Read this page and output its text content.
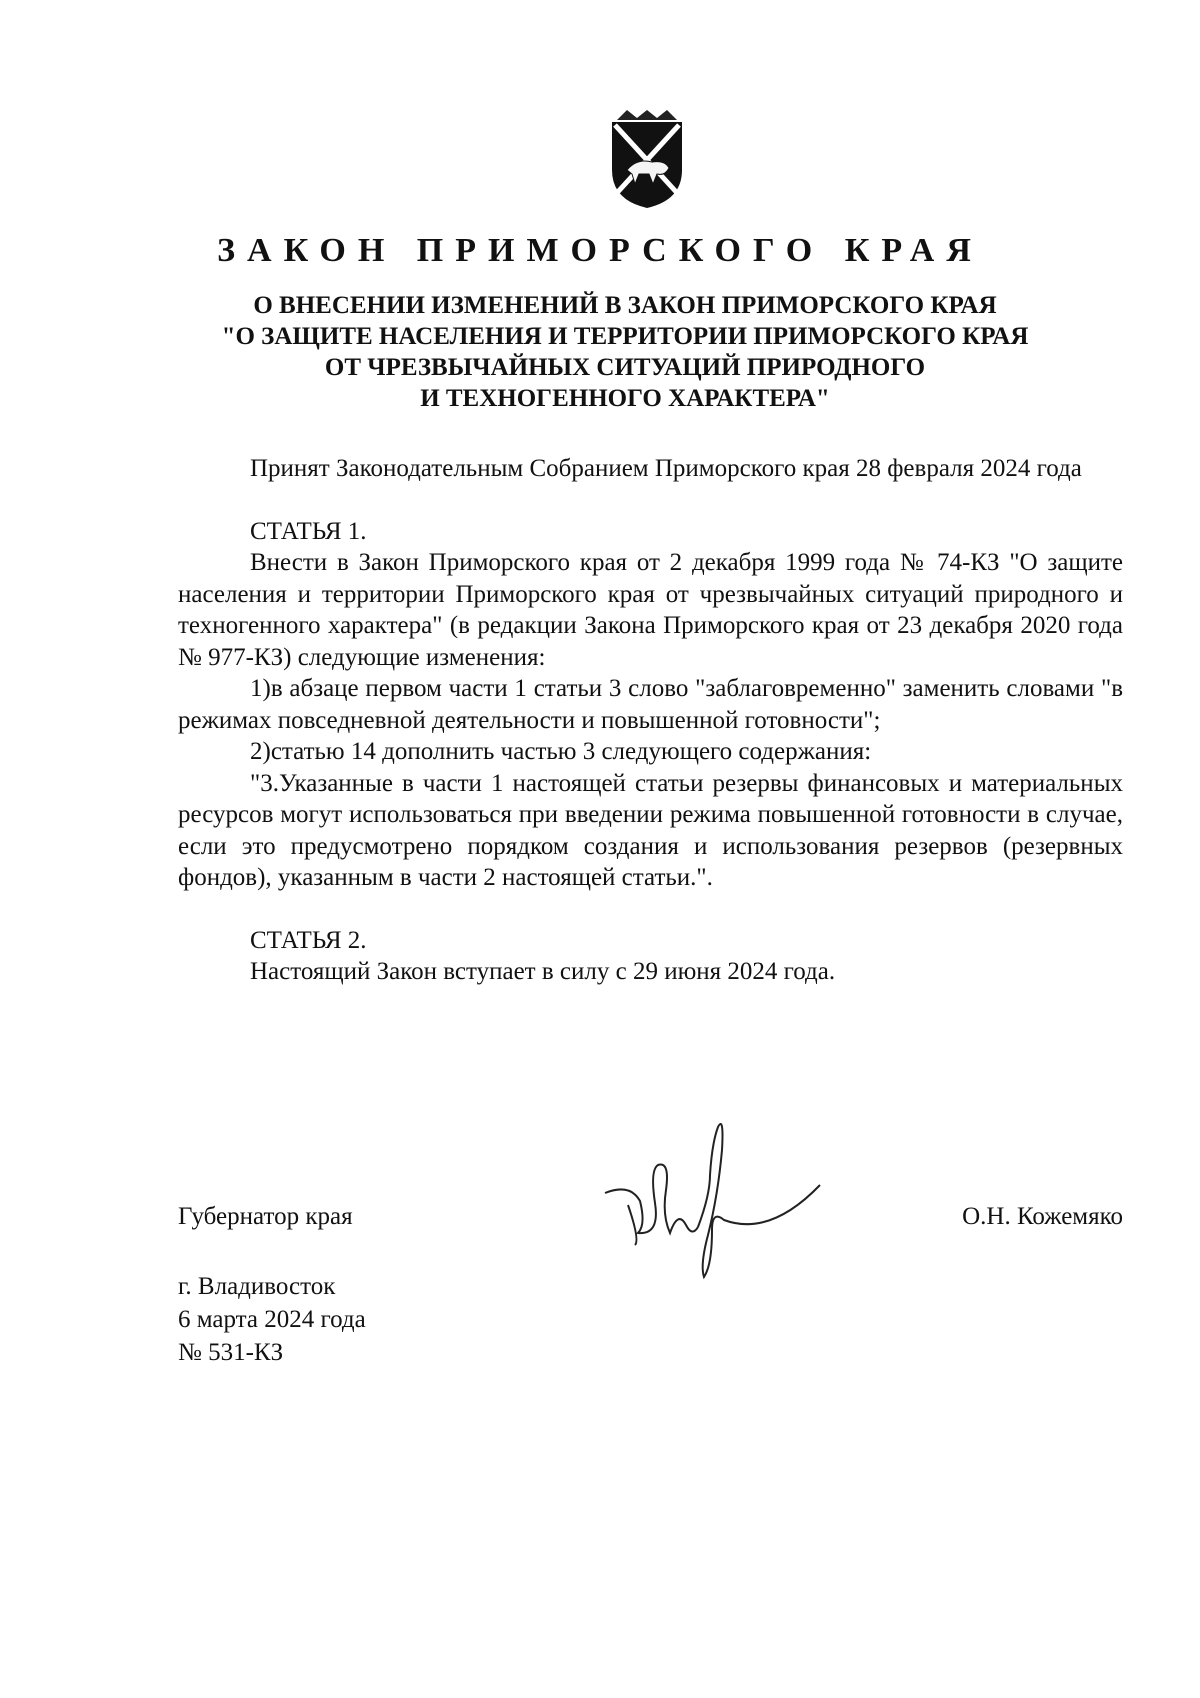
ЗАКОН ПРИМОРСКОГО КРАЯ
О ВНЕСЕНИИ ИЗМЕНЕНИЙ В ЗАКОН ПРИМОРСКОГО КРАЯ
"О ЗАЩИТЕ НАСЕЛЕНИЯ И ТЕРРИТОРИИ ПРИМОРСКОГО КРАЯ
ОТ ЧРЕЗВЫЧАЙНЫХ СИТУАЦИЙ ПРИРОДНОГО
И ТЕХНОГЕННОГО ХАРАКТЕРА"

Принят Законодательным Собранием Приморского края 28 февраля 2024 года

СТАТЬЯ 1.

Внести в Закон Приморского края от 2 декабря 1999 года № 74-КЗ "О защите населения и территории Приморского края от чрезвычайных ситуаций природного и техногенного характера" (в редакции Закона Приморского края от 23 декабря 2020 года № 977-КЗ) следующие изменения:

1)в абзаце первом части 1 статьи 3 слово "заблаговременно" заменить словами "в режимах повседневной деятельности и повышенной готовности";

2)статью 14 дополнить частью 3 следующего содержания:

"3.Указанные в части 1 настоящей статьи резервы финансовых и материальных ресурсов могут использоваться при введении режима повышенной готовности в случае, если это предусмотрено порядком создания и использования резервов (резервных фондов), указанным в части 2 настоящей статьи.".

СТАТЬЯ 2.

Настоящий Закон вступает в силу с 29 июня 2024 года.

Губернатор края	О.Н. Кожемяко
г. Владивосток
6 марта 2024 года
№ 531-КЗ
